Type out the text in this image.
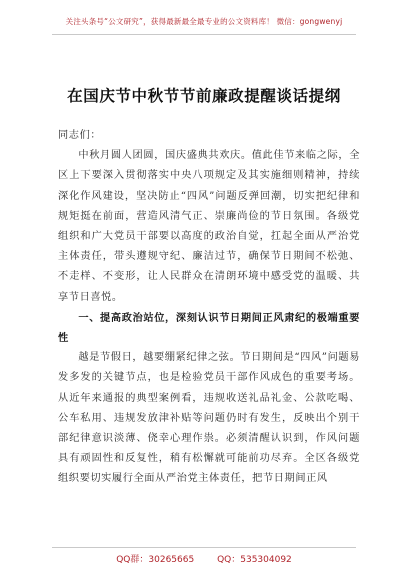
关注头条号“公文研究”，获得最新最全最专业的公文资料库！ 微信：gongwenyj
在国庆节中秋节节前廉政提醒谈话提纲

同志们：

中秋月圆人团圆，国庆盛典共欢庆。值此佳节来临之际，全区上下要深入贯彻落实中央八项规定及其实施细则精神，持续深化作风建设，坚决防止“四风”问题反弹回潮，切实把纪律和规矩挺在前面，营造风清气正、崇廉尚俭的节日氛围。各级党组织和广大党员干部要以高度的政治自觉，扛起全面从严治党主体责任，带头遵规守纪、廉洁过节，确保节日期间不松弛、不走样、不变形，让人民群众在清朗环境中感受党的温暖、共享节日喜悦。

一、提高政治站位，深刻认识节日期间正风肃纪的极端重要性

越是节假日，越要绷紧纪律之弦。节日期间是“四风”问题易发多发的关键节点，也是检验党员干部作风成色的重要考场。从近年来通报的典型案例看，违规收送礼品礼金、公款吃喝、公车私用、违规发放津补贴等问题仍时有发生，反映出个别干部纪律意识淡薄、侥幸心理作祟。必须清醒认识到，作风问题具有顽固性和反复性，稍有松懈就可能前功尽弃。全区各级党组织要切实履行全面从严治党主体责任，把节日期间正风

QQ群：30265665	QQ：535304092
